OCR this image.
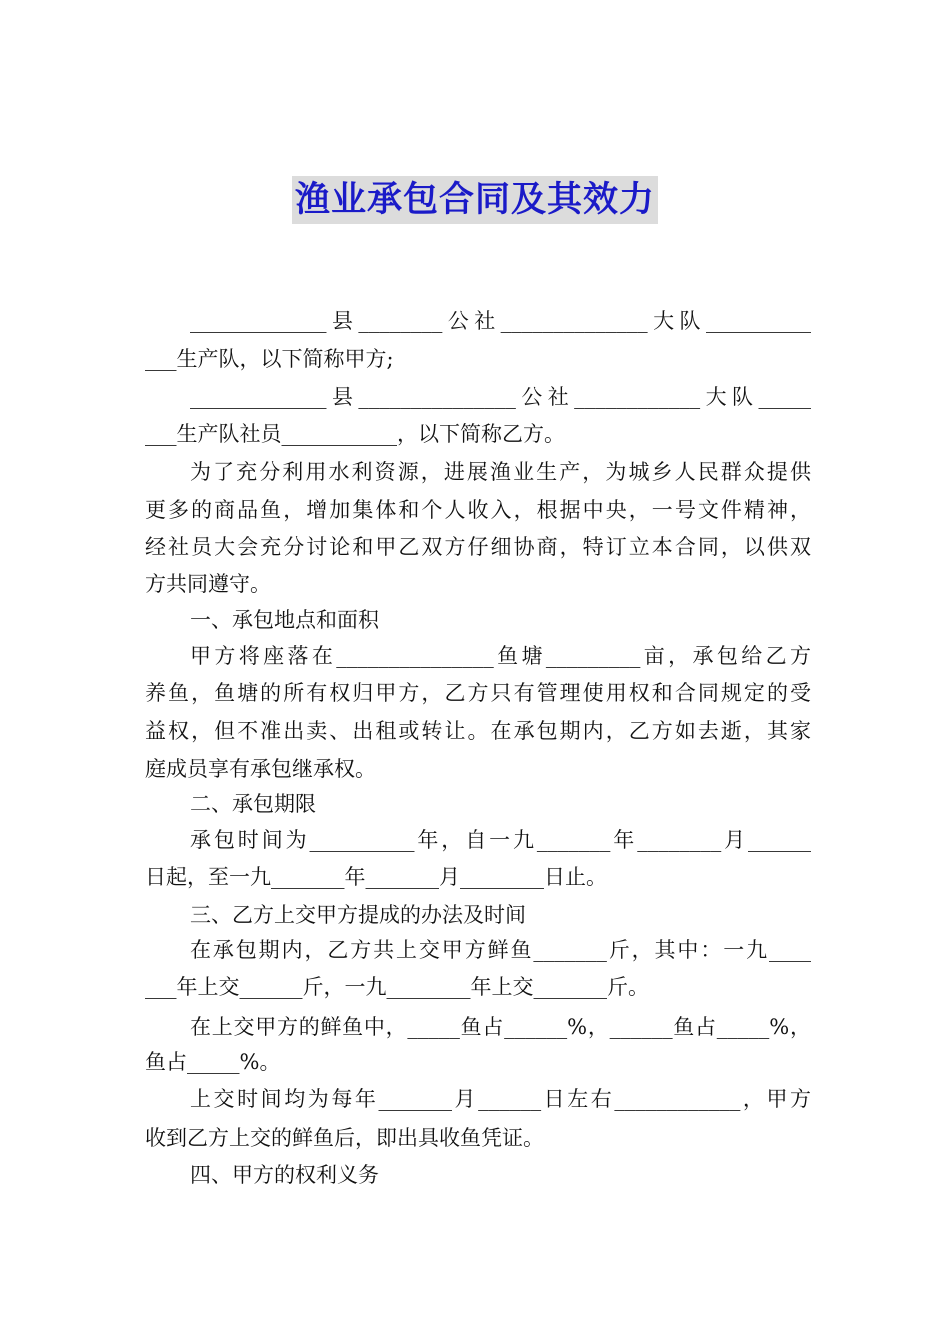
渔业承包合同及其效力
_____________县________公社______________大队__________
___生产队，以下简称甲方;
_____________县_______________公社____________大队_____
___生产队社员___________，以下简称乙方。
为了充分利用水利资源，进展渔业生产，为城乡人民群众提供
更多的商品鱼，增加集体和个人收入，根据中央，一号文件精神，
经社员大会充分讨论和甲乙双方仔细协商，特订立本合同，以供双
方共同遵守。
一、承包地点和面积
甲方将座落在_______________鱼塘_________亩，承包给乙方
养鱼，鱼塘的所有权归甲方，乙方只有管理使用权和合同规定的受
益权，但不准出卖、出租或转让。在承包期内，乙方如去逝，其家
庭成员享有承包继承权。
二、承包期限
承包时间为__________年，自一九_______年________月______
日起，至一九_______年_______月________日止。
三、乙方上交甲方提成的办法及时间
在承包期内，乙方共上交甲方鲜鱼_______斤，其中：一九____
___年上交______斤，一九________年上交_______斤。
在上交甲方的鲜鱼中，_____鱼占______%，______鱼占_____%，
鱼占_____%。
上交时间均为每年_______月______日左右____________，甲方
收到乙方上交的鲜鱼后，即出具收鱼凭证。
四、甲方的权利义务
